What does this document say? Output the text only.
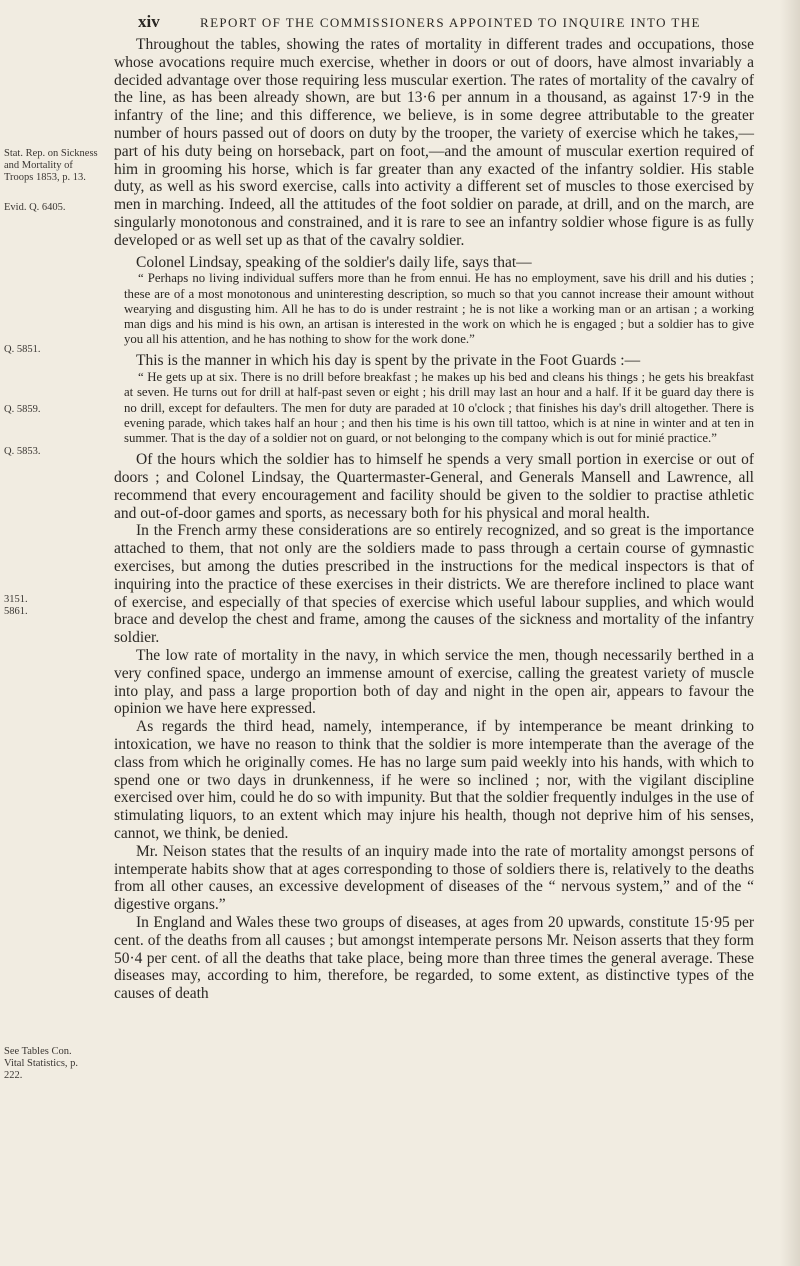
xiv	REPORT OF THE COMMISSIONERS APPOINTED TO INQUIRE INTO THE
Stat. Rep. on Sickness and Mortality of Troops 1853, p. 13.
Evid. Q. 6405.
Q. 5851.
Q. 5859.
Q. 5853.
3151. 5861.
See Tables Con. Vital Statistics, p. 222.

Throughout the tables, showing the rates of mortality in different trades and occupations, those whose avocations require much exercise, whether in doors or out of doors, have almost invariably a decided advantage over those requiring less muscular exertion. The rates of mortality of the cavalry of the line, as has been already shown, are but 13·6 per annum in a thousand, as against 17·9 in the infantry of the line; and this difference, we believe, is in some degree attributable to the greater number of hours passed out of doors on duty by the trooper, the variety of exercise which he takes,—part of his duty being on horseback, part on foot,—and the amount of muscular exertion required of him in grooming his horse, which is far greater than any exacted of the infantry soldier. His stable duty, as well as his sword exercise, calls into activity a different set of muscles to those exercised by men in marching. Indeed, all the attitudes of the foot soldier on parade, at drill, and on the march, are singularly monotonous and constrained, and it is rare to see an infantry soldier whose figure is as fully developed or as well set up as that of the cavalry soldier.

Colonel Lindsay, speaking of the soldier's daily life, says that—

“ Perhaps no living individual suffers more than he from ennui. He has no employment, save his drill and his duties ; these are of a most monotonous and uninteresting description, so much so that you cannot increase their amount without wearying and disgusting him. All he has to do is under restraint ; he is not like a working man or an artisan ; a working man digs and his mind is his own, an artisan is interested in the work on which he is engaged ; but a soldier has to give you all his attention, and he has nothing to show for the work done.”

This is the manner in which his day is spent by the private in the Foot Guards :—

“ He gets up at six. There is no drill before breakfast ; he makes up his bed and cleans his things ; he gets his breakfast at seven. He turns out for drill at half-past seven or eight ; his drill may last an hour and a half. If it be guard day there is no drill, except for defaulters. The men for duty are paraded at 10 o'clock ; that finishes his day's drill altogether. There is evening parade, which takes half an hour ; and then his time is his own till tattoo, which is at nine in winter and at ten in summer. That is the day of a soldier not on guard, or not belonging to the company which is out for minié practice.”

Of the hours which the soldier has to himself he spends a very small portion in exercise or out of doors ; and Colonel Lindsay, the Quartermaster-General, and Generals Mansell and Lawrence, all recommend that every encouragement and facility should be given to the soldier to practise athletic and out-of-door games and sports, as necessary both for his physical and moral health.

In the French army these considerations are so entirely recognized, and so great is the importance attached to them, that not only are the soldiers made to pass through a certain course of gymnastic exercises, but among the duties prescribed in the instructions for the medical inspectors is that of inquiring into the practice of these exercises in their districts. We are therefore inclined to place want of exercise, and especially of that species of exercise which useful labour supplies, and which would brace and develop the chest and frame, among the causes of the sickness and mortality of the infantry soldier.

The low rate of mortality in the navy, in which service the men, though necessarily berthed in a very confined space, undergo an immense amount of exercise, calling the greatest variety of muscle into play, and pass a large proportion both of day and night in the open air, appears to favour the opinion we have here expressed.

As regards the third head, namely, intemperance, if by intemperance be meant drinking to intoxication, we have no reason to think that the soldier is more intemperate than the average of the class from which he originally comes. He has no large sum paid weekly into his hands, with which to spend one or two days in drunkenness, if he were so inclined ; nor, with the vigilant discipline exercised over him, could he do so with impunity. But that the soldier frequently indulges in the use of stimulating liquors, to an extent which may injure his health, though not deprive him of his senses, cannot, we think, be denied.

Mr. Neison states that the results of an inquiry made into the rate of mortality amongst persons of intemperate habits show that at ages corresponding to those of soldiers there is, relatively to the deaths from all other causes, an excessive development of diseases of the “ nervous system,” and of the “ digestive organs.”

In England and Wales these two groups of diseases, at ages from 20 upwards, constitute 15·95 per cent. of the deaths from all causes ; but amongst intemperate persons Mr. Neison asserts that they form 50·4 per cent. of all the deaths that take place, being more than three times the general average. These diseases may, according to him, therefore, be regarded, to some extent, as distinctive types of the causes of death
